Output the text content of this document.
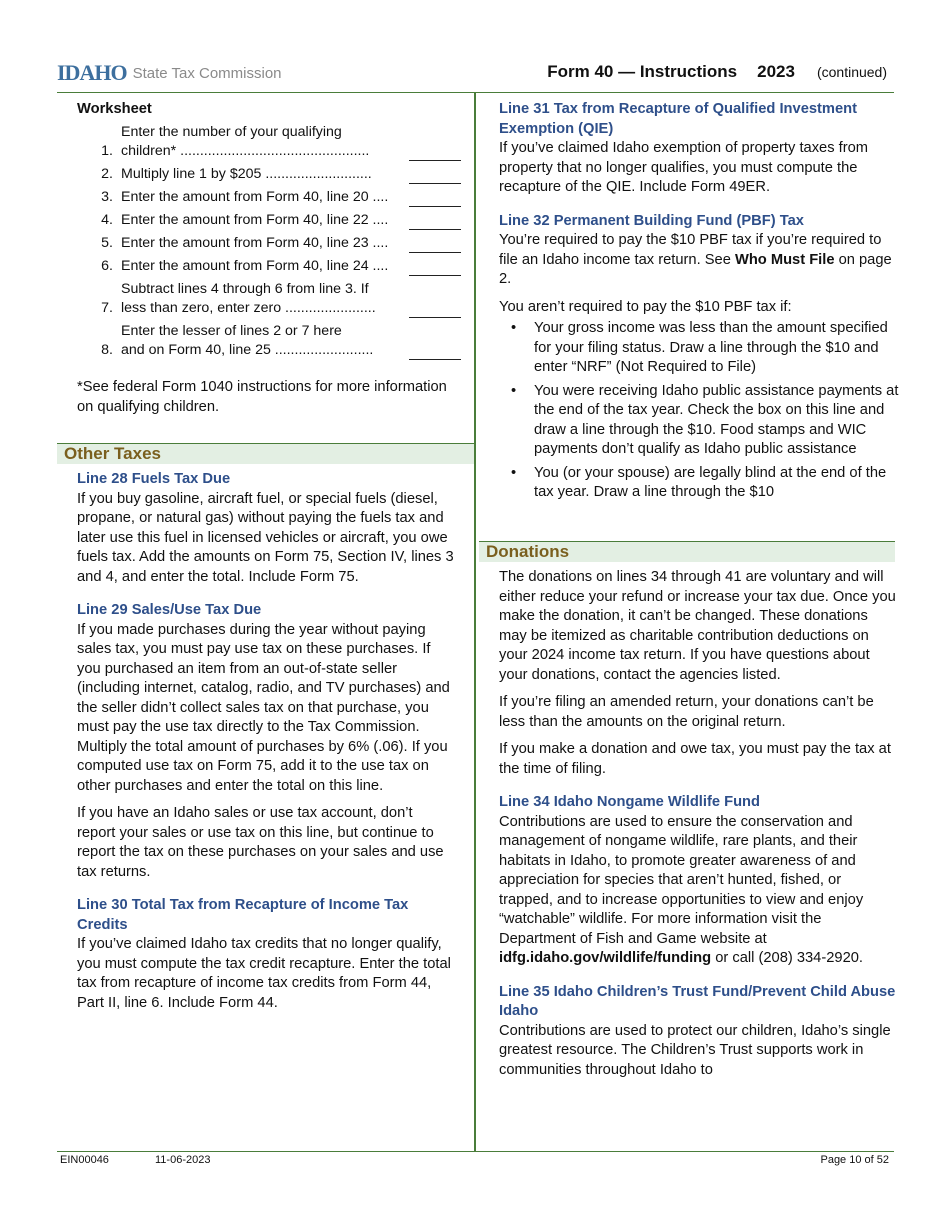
IDAHO State Tax Commission	Form 40 — Instructions 2023 (continued)
Worksheet
1.
Enter the number of your qualifying
children* ................................................
2. Multiply line 1 by $205 ...........................
3. Enter the amount from Form 40, line 20 ....
4. Enter the amount from Form 40, line 22 ....
5. Enter the amount from Form 40, line 23 ....
6. Enter the amount from Form 40, line 24 ....
7.
Subtract lines 4 through 6 from line 3. If
less than zero, enter zero .......................
8.
Enter the lesser of lines 2 or 7 here
and on Form 40, line 25 .........................

*See federal Form 1040 instructions for more information on qualifying children.

Other Taxes
Line 28 Fuels Tax Due

If you buy gasoline, aircraft fuel, or special fuels (diesel, propane, or natural gas) without paying the fuels tax and later use this fuel in licensed vehicles or aircraft, you owe fuels tax. Add the amounts on Form 75, Section IV, lines 3 and 4, and enter the total. Include Form 75.

Line 29 Sales/Use Tax Due

If you made purchases during the year without paying sales tax, you must pay use tax on these purchases. If you purchased an item from an out-of-state seller (including internet, catalog, radio, and TV purchases) and the seller didn’t collect sales tax on that purchase, you must pay the use tax directly to the Tax Commission. Multiply the total amount of purchases by 6% (.06). If you computed use tax on Form 75, add it to the use tax on other purchases and enter the total on this line.

If you have an Idaho sales or use tax account, don’t report your sales or use tax on this line, but continue to report the tax on these purchases on your sales and use tax returns.

Line 30 Total Tax from Recapture of Income Tax Credits

If you’ve claimed Idaho tax credits that no longer qualify, you must compute the tax credit recapture. Enter the total tax from recapture of income tax credits from Form 44, Part II, line 6. Include Form 44.

Line 31 Tax from Recapture of Qualified Investment Exemption (QIE)

If you’ve claimed Idaho exemption of property taxes from property that no longer qualifies, you must compute the recapture of the QIE. Include Form 49ER.

Line 32 Permanent Building Fund (PBF) Tax

You’re required to pay the $10 PBF tax if you’re required to file an Idaho income tax return. See Who Must File on page 2.

You aren’t required to pay the $10 PBF tax if:

• Your gross income was less than the amount specified for your filing status. Draw a line through the $10 and enter “NRF” (Not Required to File)
• You were receiving Idaho public assistance payments at the end of the tax year. Check the box on this line and draw a line through the $10. Food stamps and WIC payments don’t qualify as Idaho public assistance
• You (or your spouse) are legally blind at the end of the tax year. Draw a line through the $10
Donations

The donations on lines 34 through 41 are voluntary and will either reduce your refund or increase your tax due. Once you make the donation, it can’t be changed. These donations may be itemized as charitable contribution deductions on your 2024 income tax return. If you have questions about your donations, contact the agencies listed.

If you’re filing an amended return, your donations can’t be less than the amounts on the original return.

If you make a donation and owe tax, you must pay the tax at the time of filing.

Line 34 Idaho Nongame Wildlife Fund

Contributions are used to ensure the conservation and management of nongame wildlife, rare plants, and their habitats in Idaho, to promote greater awareness of and appreciation for species that aren’t hunted, fished, or trapped, and to increase opportunities to view and enjoy “watchable” wildlife. For more information visit the Department of Fish and Game website at idfg.idaho.gov/wildlife/funding or call (208) 334-2920.

Line 35 Idaho Children’s Trust Fund/Prevent Child Abuse Idaho

Contributions are used to protect our children, Idaho’s single greatest resource. The Children’s Trust supports work in communities throughout Idaho to

EIN00046	11-06-2023	Page 10 of 52
